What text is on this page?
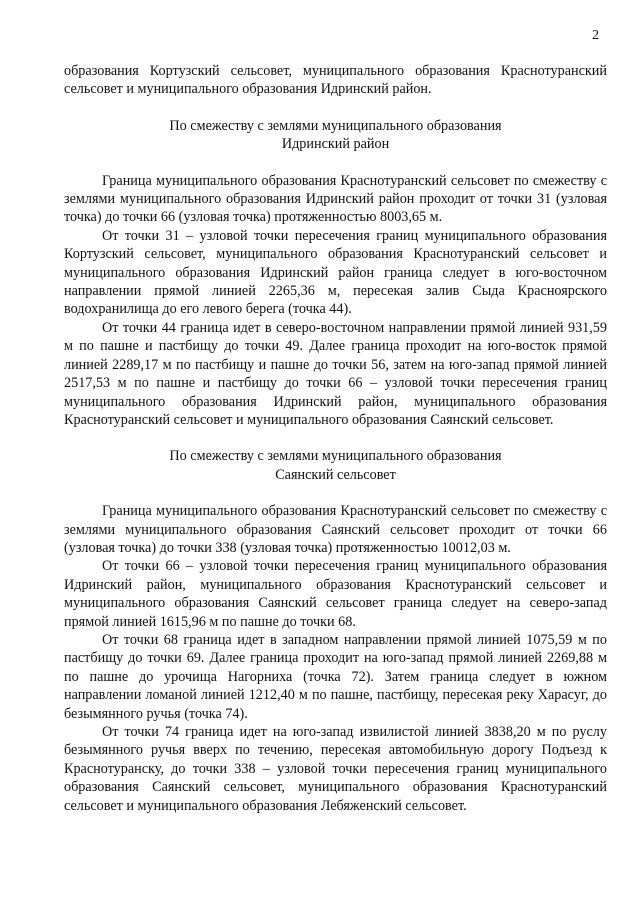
2

образования Кортузский сельсовет, муниципального образования Краснотуранский сельсовет и муниципального образования Идринский район.

По смежеству с землями муниципального образования

Идринский район

Граница муниципального образования Краснотуранский сельсовет по смежеству с землями муниципального образования Идринский район проходит от точки 31 (узловая точка) до точки 66 (узловая точка) протяженностью 8003,65 м.

От точки 31 – узловой точки пересечения границ муниципального образования Кортузский сельсовет, муниципального образования Краснотуранский сельсовет и муниципального образования Идринский район граница следует в юго-восточном направлении прямой линией 2265,36 м, пересекая залив Сыда Красноярского водохранилища до его левого берега (точка 44).

От точки 44 граница идет в северо-восточном направлении прямой линией 931,59 м по пашне и пастбищу до точки 49. Далее граница проходит на юго-восток прямой линией 2289,17 м по пастбищу и пашне до точки 56, затем на юго-запад прямой линией 2517,53 м по пашне и пастбищу до точки 66 – узловой точки пересечения границ муниципального образования Идринский район, муниципального образования Краснотуранский сельсовет и муниципального образования Саянский сельсовет.

По смежеству с землями муниципального образования

Саянский сельсовет

Граница муниципального образования Краснотуранский сельсовет по смежеству с землями муниципального образования Саянский сельсовет проходит от точки 66 (узловая точка) до точки 338 (узловая точка) протяженностью 10012,03 м.

От точки 66 – узловой точки пересечения границ муниципального образования Идринский район, муниципального образования Краснотуранский сельсовет и муниципального образования Саянский сельсовет граница следует на северо-запад прямой линией 1615,96 м по пашне до точки 68.

От точки 68 граница идет в западном направлении прямой линией 1075,59 м по пастбищу до точки 69. Далее граница проходит на юго-запад прямой линией 2269,88 м по пашне до урочища Нагорниха (точка 72). Затем граница следует в южном направлении ломаной линией 1212,40 м по пашне, пастбищу, пересекая реку Харасуг, до безымянного ручья (точка 74).

От точки 74 граница идет на юго-запад извилистой линией 3838,20 м по руслу безымянного ручья вверх по течению, пересекая автомобильную дорогу Подъезд к Краснотуранску, до точки 338 – узловой точки пересечения границ муниципального образования Саянский сельсовет, муниципального образования Краснотуранский сельсовет и муниципального образования Лебяженский сельсовет.
